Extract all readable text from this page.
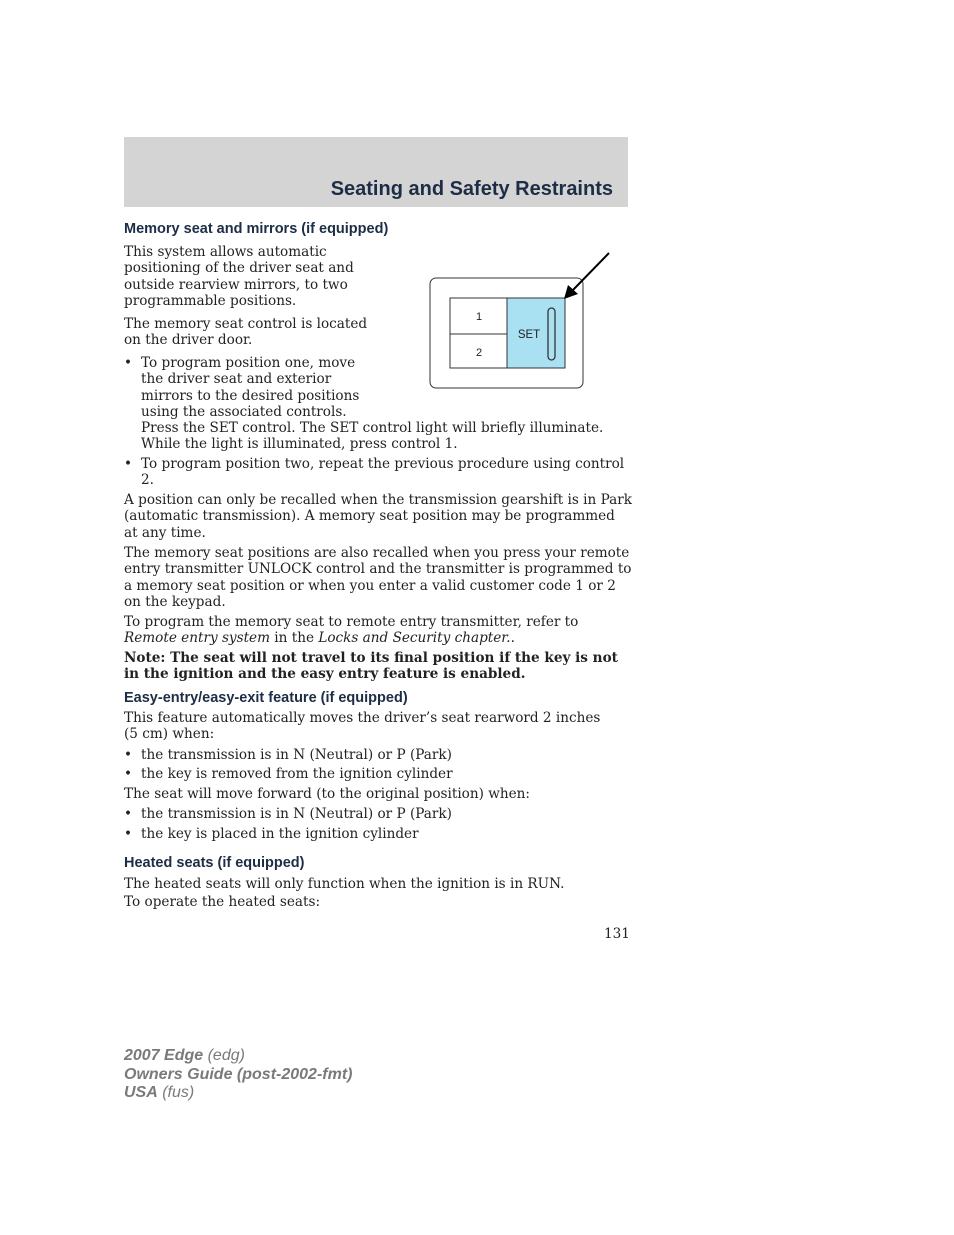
Seating and Safety Restraints
Memory seat and mirrors (if equipped)
This system allows automatic
positioning of the driver seat and
outside rearview mirrors, to two
programmable positions.
The memory seat control is located
on the driver door.
• To program position one, move
the driver seat and exterior
mirrors to the desired positions
using the associated controls.
Press the SET control. The SET control light will briefly illuminate.
While the light is illuminated, press control 1.
• To program position two, repeat the previous procedure using control
2.
A position can only be recalled when the transmission gearshift is in Park
(automatic transmission). A memory seat position may be programmed
at any time.
The memory seat positions are also recalled when you press your remote
entry transmitter UNLOCK control and the transmitter is programmed to
a memory seat position or when you enter a valid customer code 1 or 2
on the keypad.
To program the memory seat to remote entry transmitter, refer to
Remote entry system in the Locks and Security chapter..
Note: The seat will not travel to its final position if the key is not
in the ignition and the easy entry feature is enabled.
Easy-entry/easy-exit feature (if equipped)
This feature automatically moves the driver’s seat rearword 2 inches
(5 cm) when:
• the transmission is in N (Neutral) or P (Park)
• the key is removed from the ignition cylinder
The seat will move forward (to the original position) when:
• the transmission is in N (Neutral) or P (Park)
• the key is placed in the ignition cylinder
Heated seats (if equipped)
The heated seats will only function when the ignition is in RUN.
To operate the heated seats:
1
2
SET
131
2007 Edge (edg)
Owners Guide (post-2002-fmt)
USA (fus)
